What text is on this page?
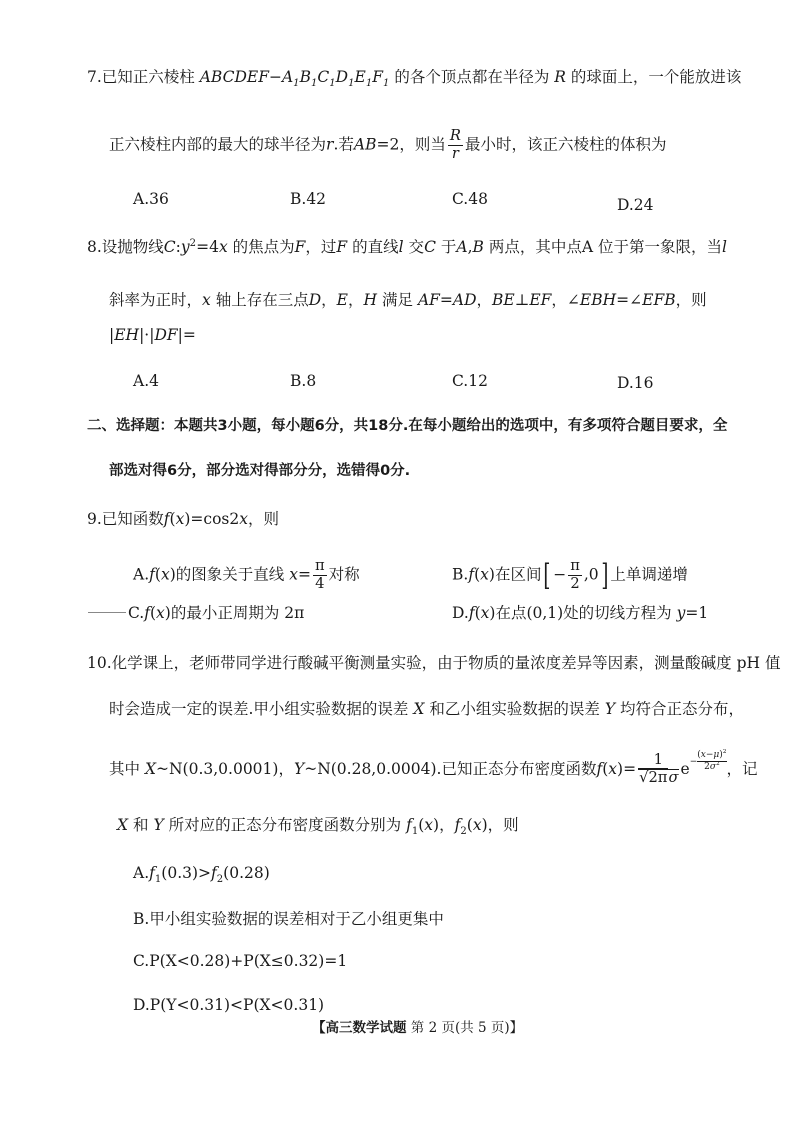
7.已知正六棱柱 $ABCDEF-A_1B_1C_1D_1E_1F_1$ 的各个顶点都在半径为 R 的球面上，一个能放进该
正六棱柱内部的最大的球半径为r.若AB=2，则当 $\frac{R}{r}$ 最小时，该正六棱柱的体积为
A.36	B.42	C.48	D.24
8.设抛物线$C:y^2=4x$ 的焦点为F，过F 的直线l 交C 于A,B 两点，其中点A 位于第一象限，当l
斜率为正时，x 轴上存在三点D，E，H 满足 AF=AD，BE⊥EF，∠EBH=∠EFB，则
|EH|·|DF|=
A.4	B.8	C.12	D.16
二、选择题：本题共3小题，每小题6分，共18分.在每小题给出的选项中，有多项符合题目要求，全
部选对得6分，部分选对得部分分，选错得0分.
9.已知函数f(x)=cos2x，则
A.f(x)的图象关于直线 $x= \frac{\pi}{4}$ 对称	B.f(x)在区间[ − $\frac{\pi}{2} ,0$] 上单调递增
C.f(x)的最小正周期为 2π	D.f(x)在点(0,1)处的切线方程为 y=1
10.化学课上，老师带同学进行酸碱平衡测量实验，由于物质的量浓度差异等因素，测量酸碱度 pH 值
时会造成一定的误差.甲小组实验数据的误差 X 和乙小组实验数据的误差 Y 均符合正态分布，
其中 X~N(0.3,0.0001)，Y~N(0.28,0.0004).已知正态分布密度函数$f(x)= \frac{1}{√2\pi\sigma} e^{- \frac{(x-\mu)^2}{2\sigma^2}}$ ，记
X 和 Y 所对应的正态分布密度函数分别为 $f_1(x)$，$f_2(x)$，则
$A.f_1(0.3)>f_2(0.28)$
B.甲小组实验数据的误差相对于乙小组更集中
C.P(X<0.28)+P(X≤0.32)=1
D.P(Y<0.31)<P(X<0.31)
【高三数学试题 第 2 页(共 5 页)】
